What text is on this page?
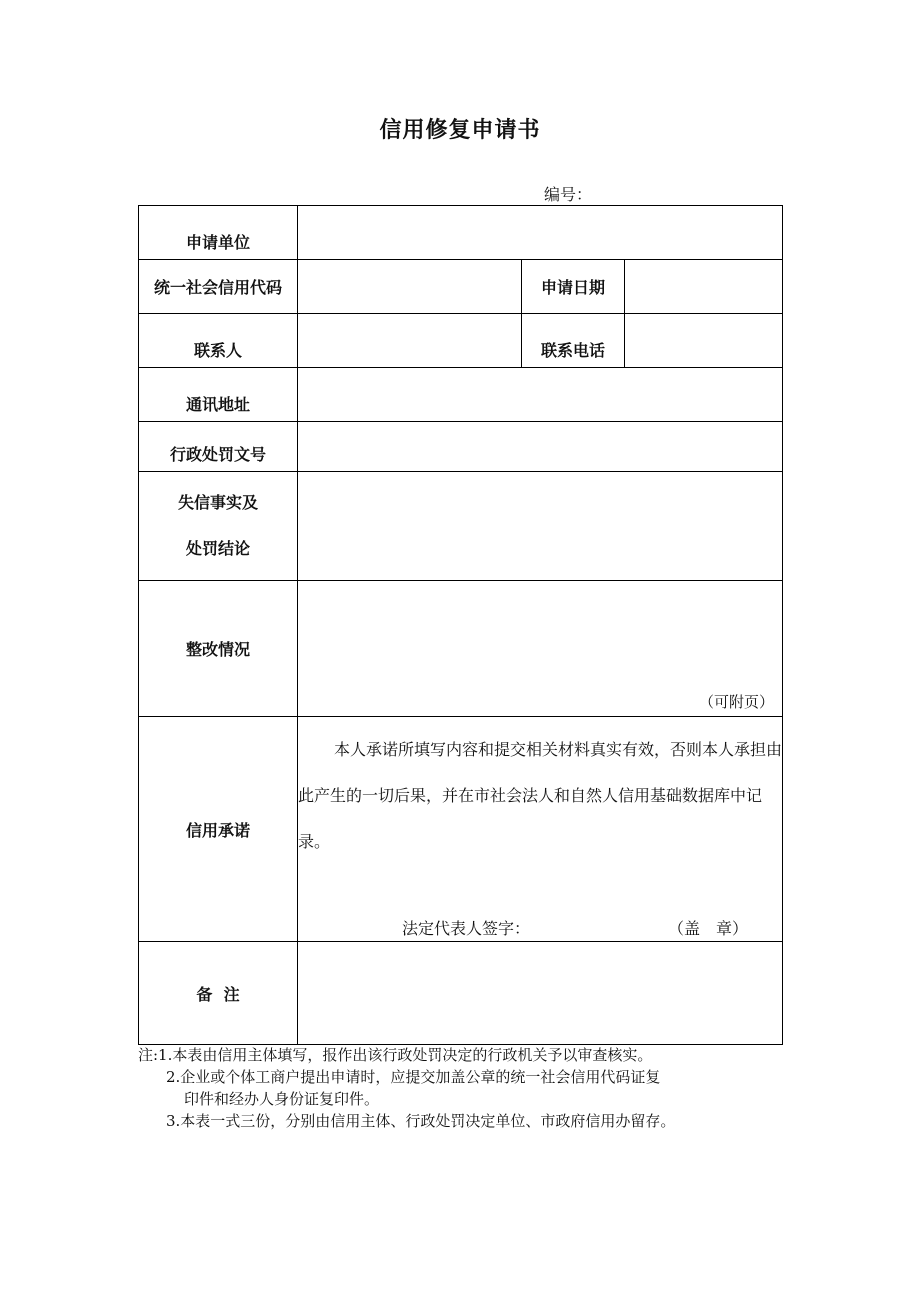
信用修复申请书
编号：
申请单位			
统一社会信用代码		申请日期	
联系人		联系电话	
通讯地址			
行政处罚文号			

失信事实及
处罚结论			

整改情况	（可附页）		

信用承诺	本人承诺所填写内容和提交相关材料真实有效，否则本人承担由此产生的一切后果，并在市社会法人和自然人信用基础数据库中记录。
法定代表人签字： （盖　章）		

备  注			

注:1.本表由信用主体填写，报作出该行政处罚决定的行政机关予以审查核实。

2.企业或个体工商户提出申请时，应提交加盖公章的统一社会信用代码证复

印件和经办人身份证复印件。

3.本表一式三份，分别由信用主体、行政处罚决定单位、市政府信用办留存。
